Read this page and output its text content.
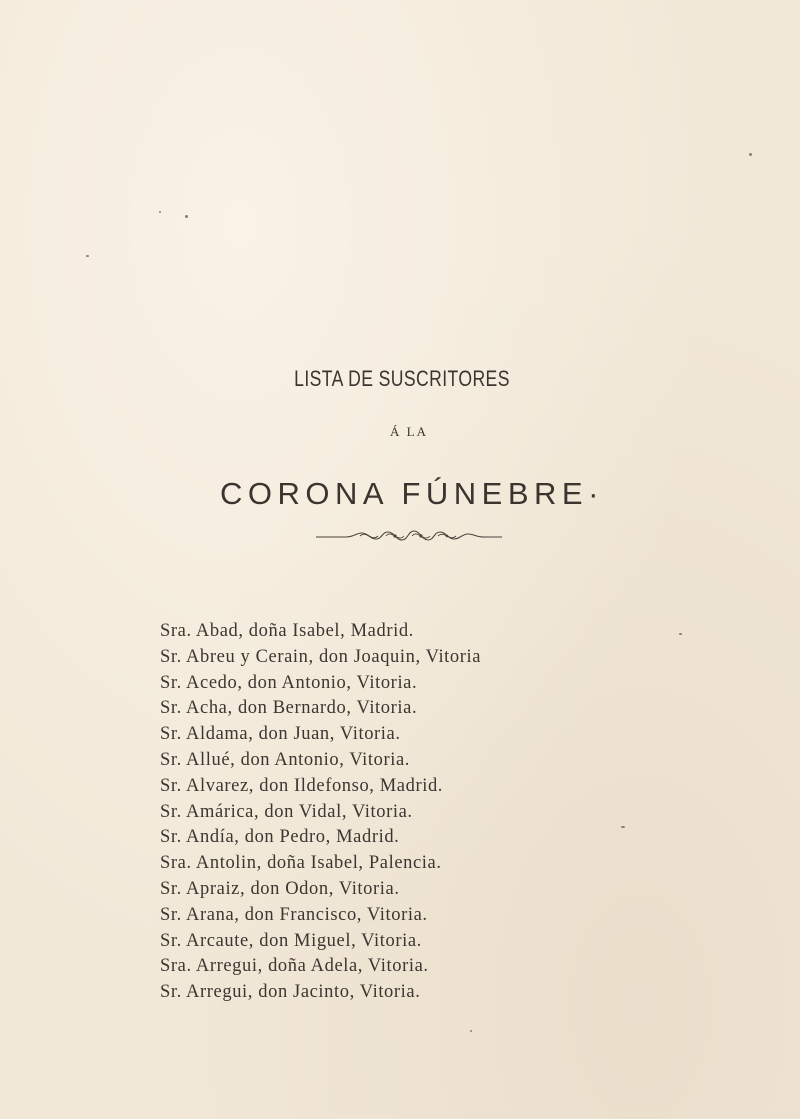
LISTA DE SUSCRITORES
Á LA
CORONA FÚNEBRE·
Sra. Abad, doña Isabel, Madrid.
Sr. Abreu y Cerain, don Joaquin, Vitoria
Sr. Acedo, don Antonio, Vitoria.
Sr. Acha, don Bernardo, Vitoria.
Sr. Aldama, don Juan, Vitoria.
Sr. Allué, don Antonio, Vitoria.
Sr. Alvarez, don Ildefonso, Madrid.
Sr. Amárica, don Vidal, Vitoria.
Sr. Andía, don Pedro, Madrid.
Sra. Antolin, doña Isabel, Palencia.
Sr. Apraiz, don Odon, Vitoria.
Sr. Arana, don Francisco, Vitoria.
Sr. Arcaute, don Miguel, Vitoria.
Sra. Arregui, doña Adela, Vitoria.
Sr. Arregui, don Jacinto, Vitoria.
